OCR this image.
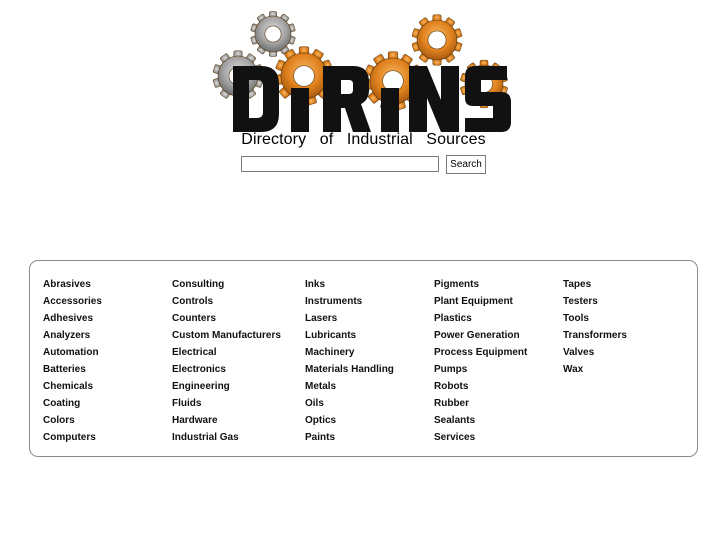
Directory of Industrial Sources
Search
Abrasives
Accessories
Adhesives
Analyzers
Automation
Batteries
Chemicals
Coating
Colors
Computers
Consulting
Controls
Counters
Custom Manufacturers
Electrical
Electronics
Engineering
Fluids
Hardware
Industrial Gas
Inks
Instruments
Lasers
Lubricants
Machinery
Materials Handling
Metals
Oils
Optics
Paints
Pigments
Plant Equipment
Plastics
Power Generation
Process Equipment
Pumps
Robots
Rubber
Sealants
Services
Tapes
Testers
Tools
Transformers
Valves
Wax
